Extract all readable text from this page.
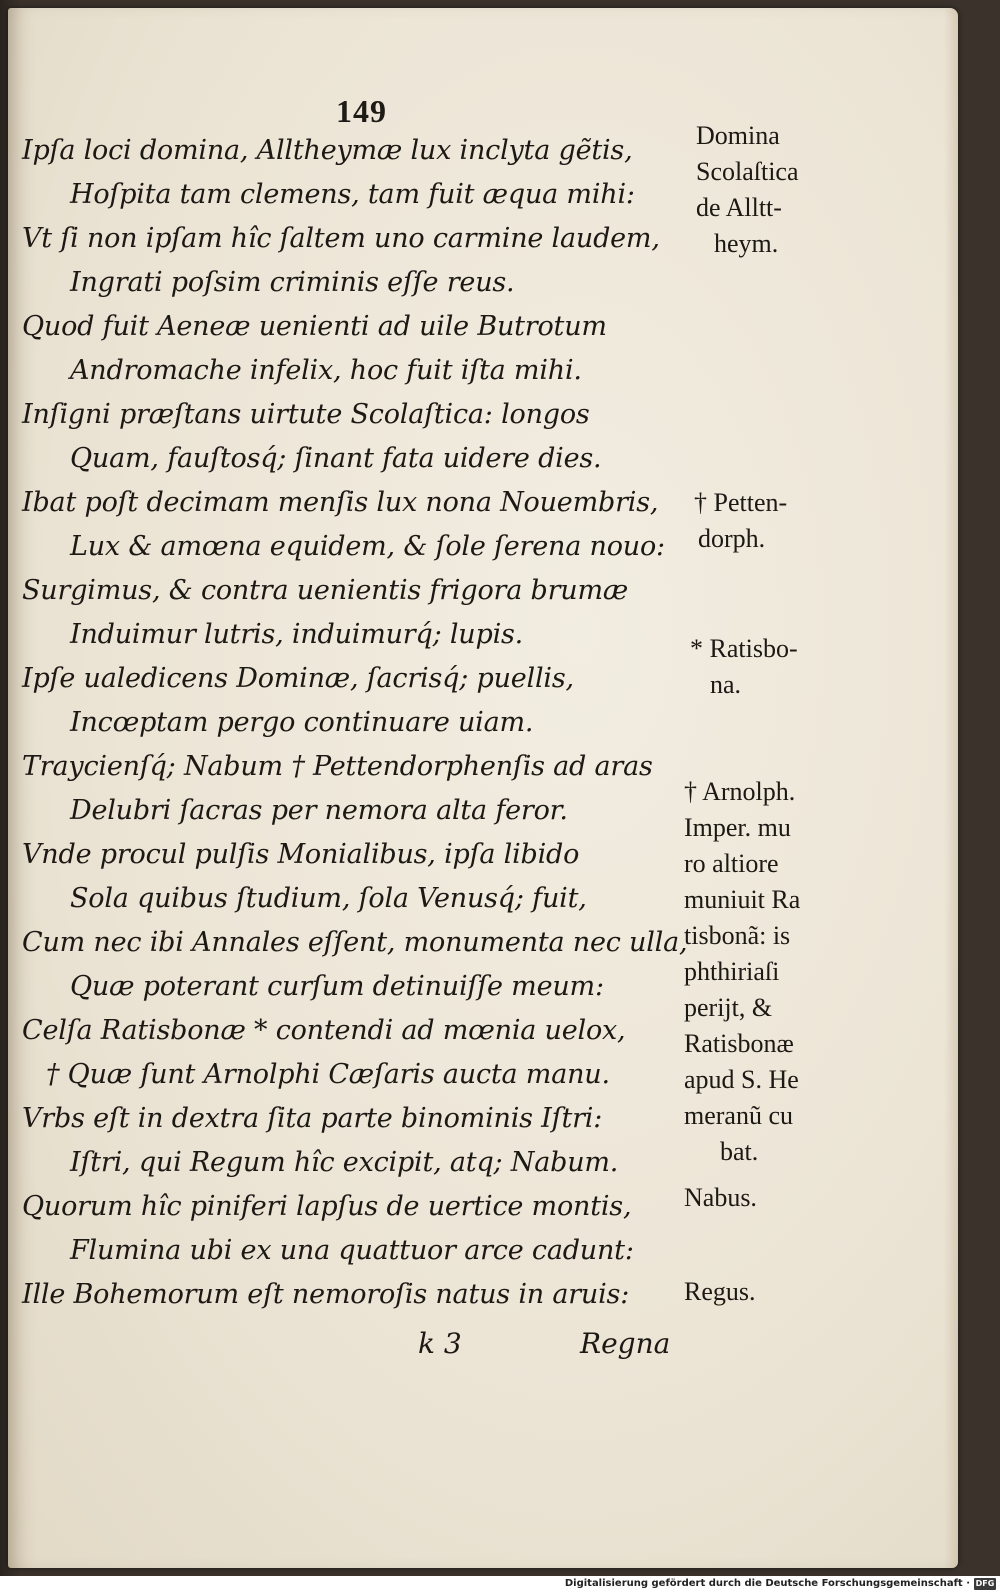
149
Ipſa loci domina, Alltheymæ lux inclyta gẽtis,
Hoſpita tam clemens, tam fuit æqua mihi:
Vt ſi non ipſam hîc ſaltem uno carmine laudem,
Ingrati poſsim criminis eſſe reus.
Quod fuit Aeneæ uenienti ad uile Butrotum
Andromache infelix, hoc fuit iſta mihi.
Inſigni præſtans uirtute Scolaſtica: longos
Quam, fauſtosq́; ſinant fata uidere dies.
Ibat poſt decimam menſis lux nona Nouembris,
Lux & amœna equidem, & ſole ſerena nouo:
Surgimus, & contra uenientis frigora brumæ
Induimur lutris, induimurq́; lupis.
Ipſe ualedicens Dominæ, ſacrisq́; puellis,
Incœptam pergo continuare uiam.
Traycienſq́; Nabum † Pettendorphenſis ad aras
Delubri ſacras per nemora alta feror.
Vnde procul pulſis Monialibus, ipſa libido
Sola quibus ſtudium, ſola Venusq́; fuit,
Cum nec ibi Annales eſſent, monumenta nec ulla,
Quæ poterant curſum detinuiſſe meum:
Celſa Ratisbonæ * contendi ad mœnia uelox,
† Quæ ſunt Arnolphi Cæſaris aucta manu.
Vrbs eſt in dextra ſita parte binominis Iſtri:
Iſtri, qui Regum hîc excipit, atq; Nabum.
Quorum hîc piniferi lapſus de uertice montis,
Flumina ubi ex una quattuor arce cadunt:
Ille Bohemorum eſt nemoroſis natus in aruis:
Domina
Scolaſtica
de Alltt-
heym.
† Petten-
dorph.
* Ratisbo-
na.
† Arnolph.
Imper. mu
ro altiore
muniuit Ra
tisbonã: is
phthiriaſi
perijt, &
Ratisbonæ
apud S. He
meranũ cu
bat.
Nabus.
Regus.
k 3	Regna
Digitalisierung gefördert durch die Deutsche Forschungsgemeinschaft · DFG
